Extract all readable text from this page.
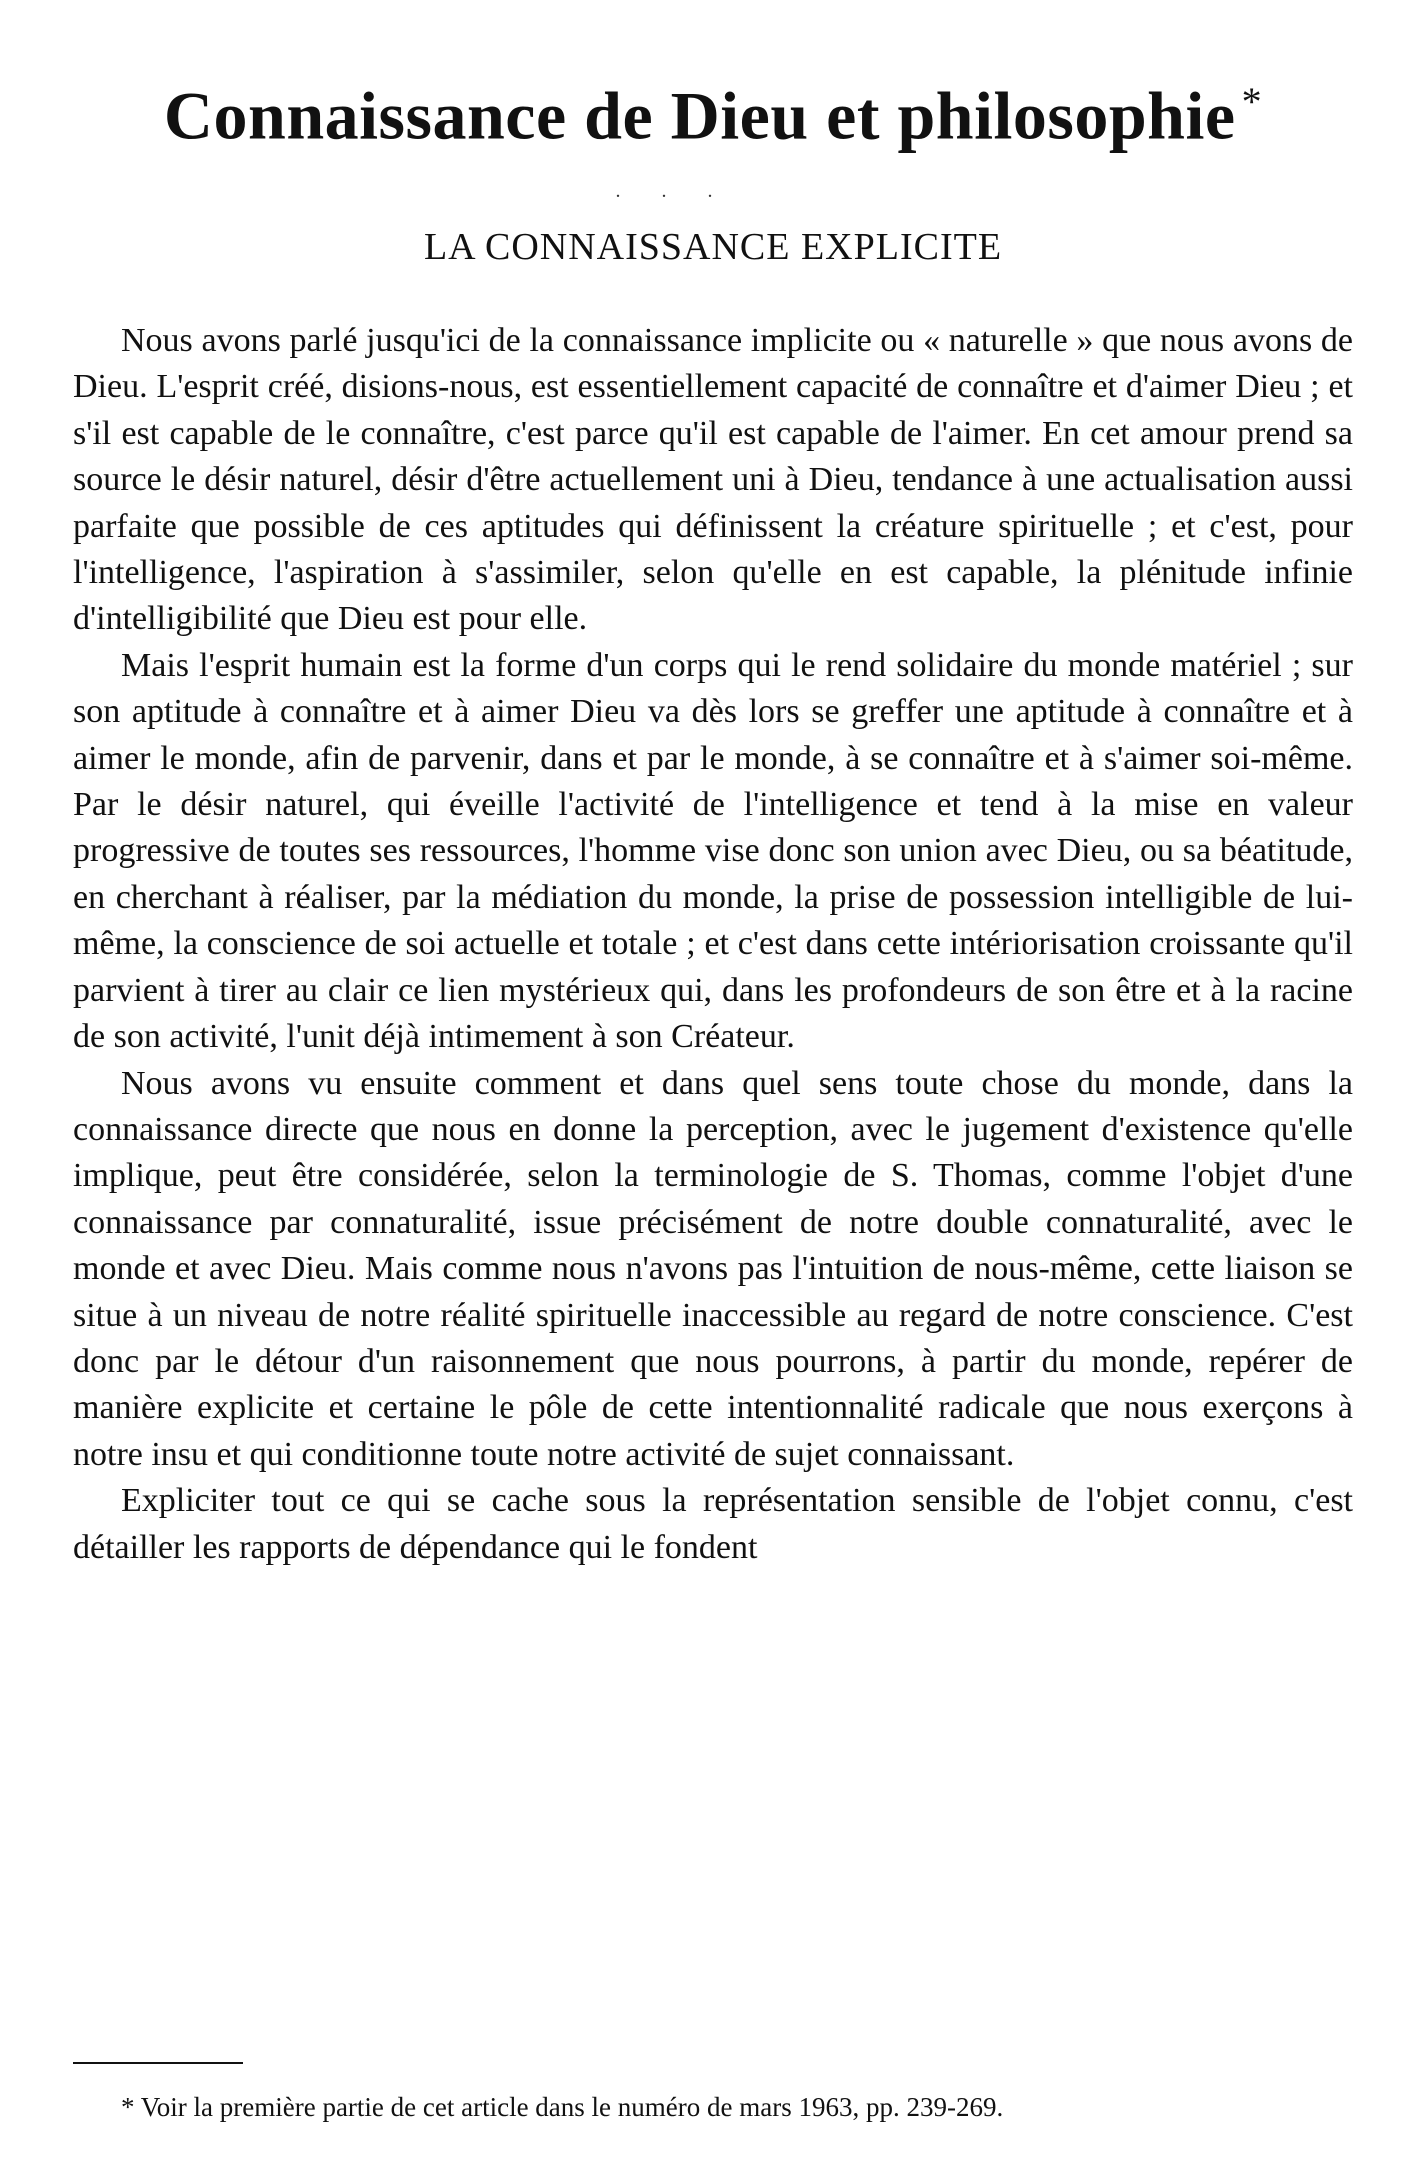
Connaissance de Dieu et philosophie *
. . .
LA CONNAISSANCE EXPLICITE

Nous avons parlé jusqu'ici de la connaissance implicite ou « naturelle » que nous avons de Dieu. L'esprit créé, disions-nous, est essentiellement capacité de connaître et d'aimer Dieu ; et s'il est capable de le connaître, c'est parce qu'il est capable de l'aimer. En cet amour prend sa source le désir naturel, désir d'être actuellement uni à Dieu, tendance à une actualisation aussi parfaite que possible de ces aptitudes qui définissent la créature spirituelle ; et c'est, pour l'intelligence, l'aspiration à s'assimiler, selon qu'elle en est capable, la plénitude infinie d'intelligibilité que Dieu est pour elle.

Mais l'esprit humain est la forme d'un corps qui le rend solidaire du monde matériel ; sur son aptitude à connaître et à aimer Dieu va dès lors se greffer une aptitude à connaître et à aimer le monde, afin de parvenir, dans et par le monde, à se connaître et à s'aimer soi-même. Par le désir naturel, qui éveille l'activité de l'intelligence et tend à la mise en valeur progressive de toutes ses ressources, l'homme vise donc son union avec Dieu, ou sa béatitude, en cherchant à réaliser, par la médiation du monde, la prise de possession intelligible de lui-même, la conscience de soi actuelle et totale ; et c'est dans cette intériorisation croissante qu'il parvient à tirer au clair ce lien mystérieux qui, dans les profondeurs de son être et à la racine de son activité, l'unit déjà intimement à son Créateur.

Nous avons vu ensuite comment et dans quel sens toute chose du monde, dans la connaissance directe que nous en donne la perception, avec le jugement d'existence qu'elle implique, peut être considérée, selon la terminologie de S. Thomas, comme l'objet d'une connaissance par connaturalité, issue précisément de notre double connaturalité, avec le monde et avec Dieu. Mais comme nous n'avons pas l'intuition de nous-même, cette liaison se situe à un niveau de notre réalité spirituelle inaccessible au regard de notre conscience. C'est donc par le détour d'un raisonnement que nous pourrons, à partir du monde, repérer de manière explicite et certaine le pôle de cette intentionnalité radicale que nous exerçons à notre insu et qui conditionne toute notre activité de sujet connaissant.

Expliciter tout ce qui se cache sous la représentation sensible de l'objet connu, c'est détailler les rapports de dépendance qui le fondent

* Voir la première partie de cet article dans le numéro de mars 1963, pp. 239-269.
